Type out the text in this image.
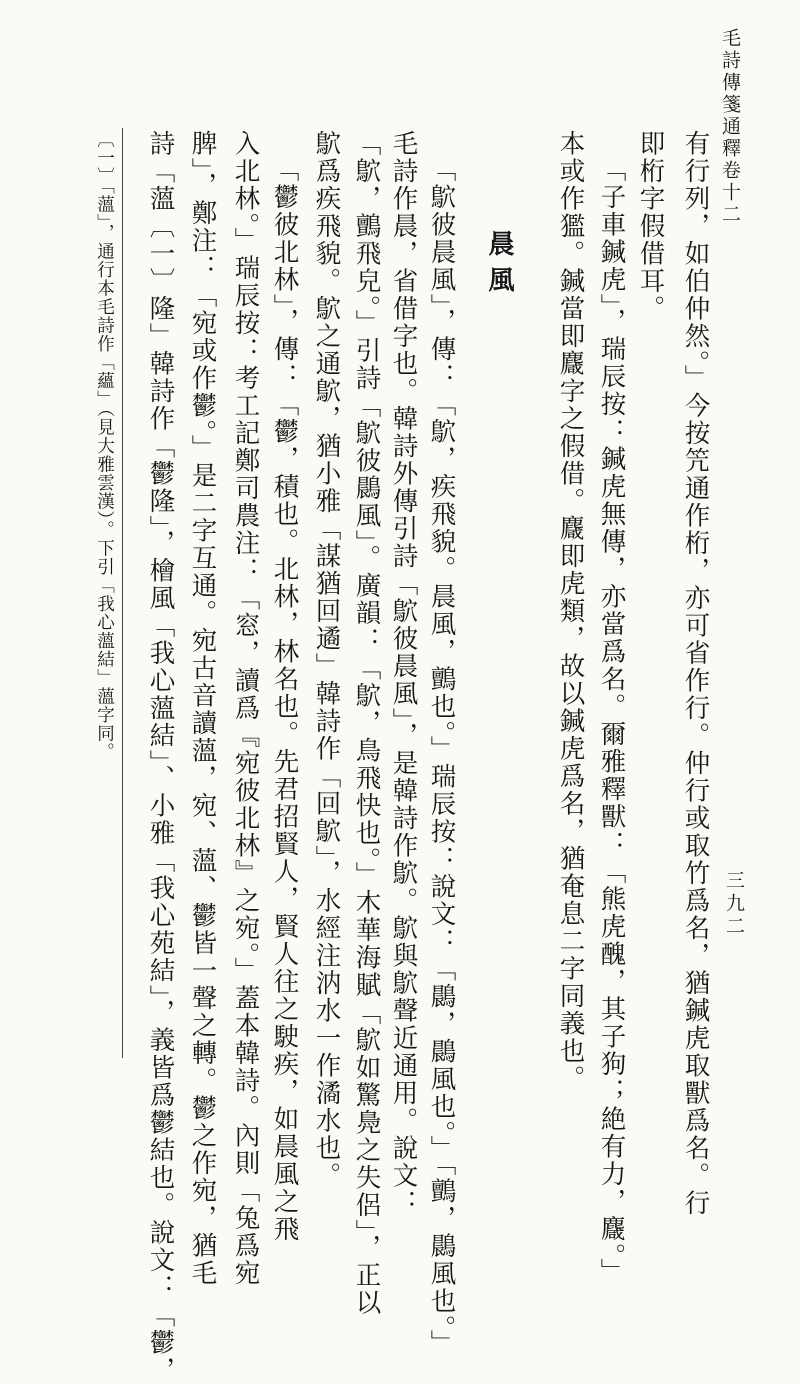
毛詩傳箋通釋卷十二
三九二
有行列，如伯仲然。」今按笐通作桁，亦可省作行。仲行或取竹爲名，猶鍼虎取獸爲名。行
即桁字假借耳。
「子車鍼虎」，瑞辰按：鍼虎無傳，亦當爲名。爾雅釋獸：「熊虎醜，其子狗；絶有力，麙。」
本或作㺝。鍼當即麙字之假借。麙即虎類，故以鍼虎爲名，猶奄息二字同義也。
晨風
「鴥彼晨風」，傳：「鴥，疾飛貌。晨風，鸇也。」瑞辰按：說文：「鷐，鷐風也。」「鸇，鷐風也。」
毛詩作晨，省借字也。韓詩外傳引詩「鴥彼晨風」，是韓詩作鴥。鴥與鴥聲近通用。說文：
「鴥，鸇飛皃。」引詩「鴥彼鷐風」。廣韻：「鴥，鳥飛快也。」木華海賦「鴥如驚鳧之失侶」，正以
鴥爲疾飛貌。鴥之通鴥，猶小雅「謀猶回遹」韓詩作「回鴥」，水經注汭水一作潏水也。
「鬱彼北林」，傳：「鬱，積也。北林，林名也。先君招賢人，賢人往之駛疾，如晨風之飛
入北林。」瑞辰按：考工記鄭司農注：「窓，讀爲『宛彼北林』之宛。」蓋本韓詩。內則「兔爲宛
脾」，鄭注：「宛或作鬱。」是二字互通。宛古音讀薀，宛、薀、鬱皆一聲之轉。鬱之作宛，猶毛
詩「薀〔一〕隆」韓詩作「鬱隆」，檜風「我心薀結」、小雅「我心苑結」，義皆爲鬱結也。說文：「鬱，
〔一〕「薀」，通行本毛詩作「蘊」（見大雅雲漢）。下引「我心薀結」薀字同。
